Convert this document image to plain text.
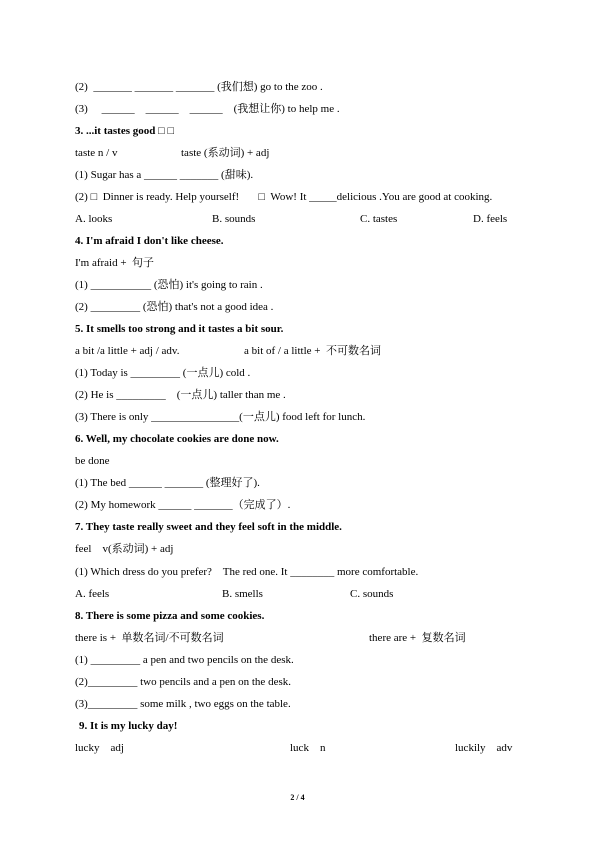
(2)  _______ _______ _______ (我们想) go to the zoo .
(3)     ______    ______    ______    (我想让你) to help me .
3. ...it tastes good □ □

taste n / v

	taste (系动词) + adj

(1) Sugar has a ______ _______ (甜味).
(2) □  Dinner is ready. Help yourself!       □  Wow! It _____delicious .You are good at cooking.

A. looks

	B. sounds

	C. tastes

	D. feels

4. I'm afraid I don't like cheese.
I'm afraid +  句子
(1) ___________ (恐怕) it's going to rain .
(2) _________ (恐怕) that's not a good idea .
5. It smells too strong and it tastes a bit sour.

a bit /a little + adj / adv.

	a bit of / a little +  不可数名词

(1) Today is _________ (一点儿) cold .
(2) He is _________    (一点儿) taller than me .
(3) There is only ________________(一点儿) food left for lunch.
6. Well, my chocolate cookies are done now.
be done
(1) The bed ______ _______ (整理好了).
(2) My homework ______ _______（完成了）.
7. They taste really sweet and they feel soft in the middle.
feel    v(系动词) + adj
(1) Which dress do you prefer?    The red one. It ________ more comfortable.

A. feels

	B. smells

	C. sounds

8. There is some pizza and some cookies.

there is +  单数名词/不可数名词

	there are +  复数名词

(1) _________ a pen and two pencils on the desk.
(2)_________ two pencils and a pen on the desk.
(3)_________ some milk , two eggs on the table.
9. It is my lucky day!

lucky    adj

	luck    n

	luckily    adv

2 / 4
